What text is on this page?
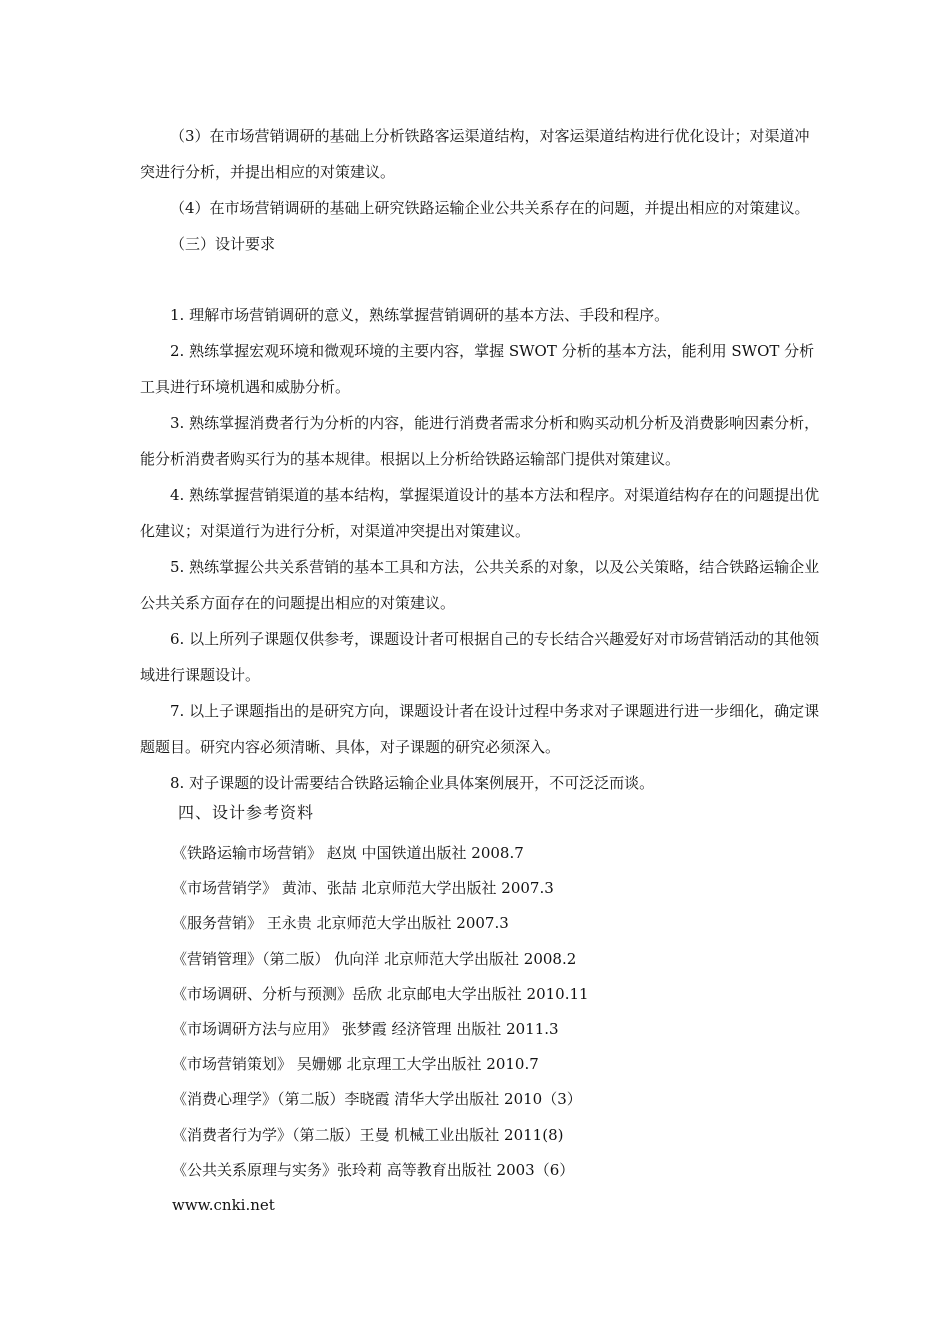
（3）在市场营销调研的基础上分析铁路客运渠道结构，对客运渠道结构进行优化设计；对渠道冲突进行分析，并提出相应的对策建议。

（4）在市场营销调研的基础上研究铁路运输企业公共关系存在的问题，并提出相应的对策建议。

（三）设计要求

1. 理解市场营销调研的意义，熟练掌握营销调研的基本方法、手段和程序。

2. 熟练掌握宏观环境和微观环境的主要内容，掌握 SWOT 分析的基本方法，能利用 SWOT 分析工具进行环境机遇和威胁分析。

3. 熟练掌握消费者行为分析的内容，能进行消费者需求分析和购买动机分析及消费影响因素分析，能分析消费者购买行为的基本规律。根据以上分析给铁路运输部门提供对策建议。

4. 熟练掌握营销渠道的基本结构，掌握渠道设计的基本方法和程序。对渠道结构存在的问题提出优化建议；对渠道行为进行分析，对渠道冲突提出对策建议。

5. 熟练掌握公共关系营销的基本工具和方法，公共关系的对象，以及公关策略，结合铁路运输企业公共关系方面存在的问题提出相应的对策建议。

6. 以上所列子课题仅供参考，课题设计者可根据自己的专长结合兴趣爱好对市场营销活动的其他领域进行课题设计。

7. 以上子课题指出的是研究方向，课题设计者在设计过程中务求对子课题进行进一步细化，确定课题题目。研究内容必须清晰、具体，对子课题的研究必须深入。

8. 对子课题的设计需要结合铁路运输企业具体案例展开，不可泛泛而谈。

四、设计参考资料
《铁路运输市场营销》 赵岚 中国铁道出版社 2008.7
《市场营销学》 黄沛、张喆 北京师范大学出版社 2007.3
《服务营销》 王永贵 北京师范大学出版社 2007.3
《营销管理》（第二版） 仇向洋 北京师范大学出版社 2008.2
《市场调研、分析与预测》岳欣 北京邮电大学出版社 2010.11
《市场调研方法与应用》 张梦霞 经济管理 出版社 2011.3
《市场营销策划》 吴姗娜 北京理工大学出版社 2010.7
《消费心理学》（第二版）李晓霞 清华大学出版社 2010（3）
《消费者行为学》（第二版）王曼 机械工业出版社 2011(8)
《公共关系原理与实务》张玲莉 高等教育出版社 2003（6）
www.cnki.net
